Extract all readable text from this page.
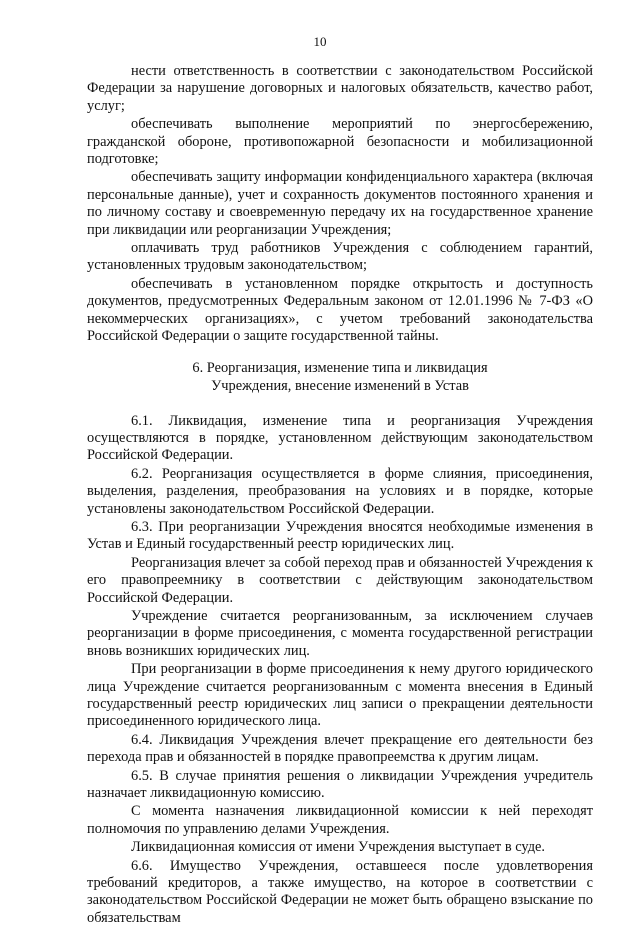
10

нести ответственность в соответствии с законодательством Российской Федерации за нарушение договорных и налоговых обязательств, качество работ, услуг;

обеспечивать выполнение мероприятий по энергосбережению, гражданской обороне, противопожарной безопасности и мобилизационной подготовке;

обеспечивать защиту информации конфиденциального характера (включая персональные данные), учет и сохранность документов постоянного хранения и по личному составу и своевременную передачу их на государственное хранение при ликвидации или реорганизации Учреждения;

оплачивать труд работников Учреждения с соблюдением гарантий, установленных трудовым законодательством;

обеспечивать в установленном порядке открытость и доступность документов, предусмотренных Федеральным законом от 12.01.1996 № 7-ФЗ «О некоммерческих организациях», с учетом требований законодательства Российской Федерации о защите государственной тайны.

6. Реорганизация, изменение типа и ликвидация
Учреждения, внесение изменений в Устав

6.1. Ликвидация, изменение типа и реорганизация Учреждения осуществляются в порядке, установленном действующим законодательством Российской Федерации.

6.2. Реорганизация осуществляется в форме слияния, присоединения, выделения, разделения, преобразования на условиях и в порядке, которые установлены законодательством Российской Федерации.

6.3. При реорганизации Учреждения вносятся необходимые изменения в Устав и Единый государственный реестр юридических лиц.

Реорганизация влечет за собой переход прав и обязанностей Учреждения к его правопреемнику в соответствии с действующим законодательством Российской Федерации.

Учреждение считается реорганизованным, за исключением случаев реорганизации в форме присоединения, с момента государственной регистрации вновь возникших юридических лиц.

При реорганизации в форме присоединения к нему другого юридического лица Учреждение считается реорганизованным с момента внесения в Единый государственный реестр юридических лиц записи о прекращении деятельности присоединенного юридического лица.

6.4. Ликвидация Учреждения влечет прекращение его деятельности без перехода прав и обязанностей в порядке правопреемства к другим лицам.

6.5. В случае принятия решения о ликвидации Учреждения учредитель назначает ликвидационную комиссию.

С момента назначения ликвидационной комиссии к ней переходят полномочия по управлению делами Учреждения.

Ликвидационная комиссия от имени Учреждения выступает в суде.

6.6. Имущество Учреждения, оставшееся после удовлетворения требований кредиторов, а также имущество, на которое в соответствии с законодательством Российской Федерации не может быть обращено взыскание по обязательствам
